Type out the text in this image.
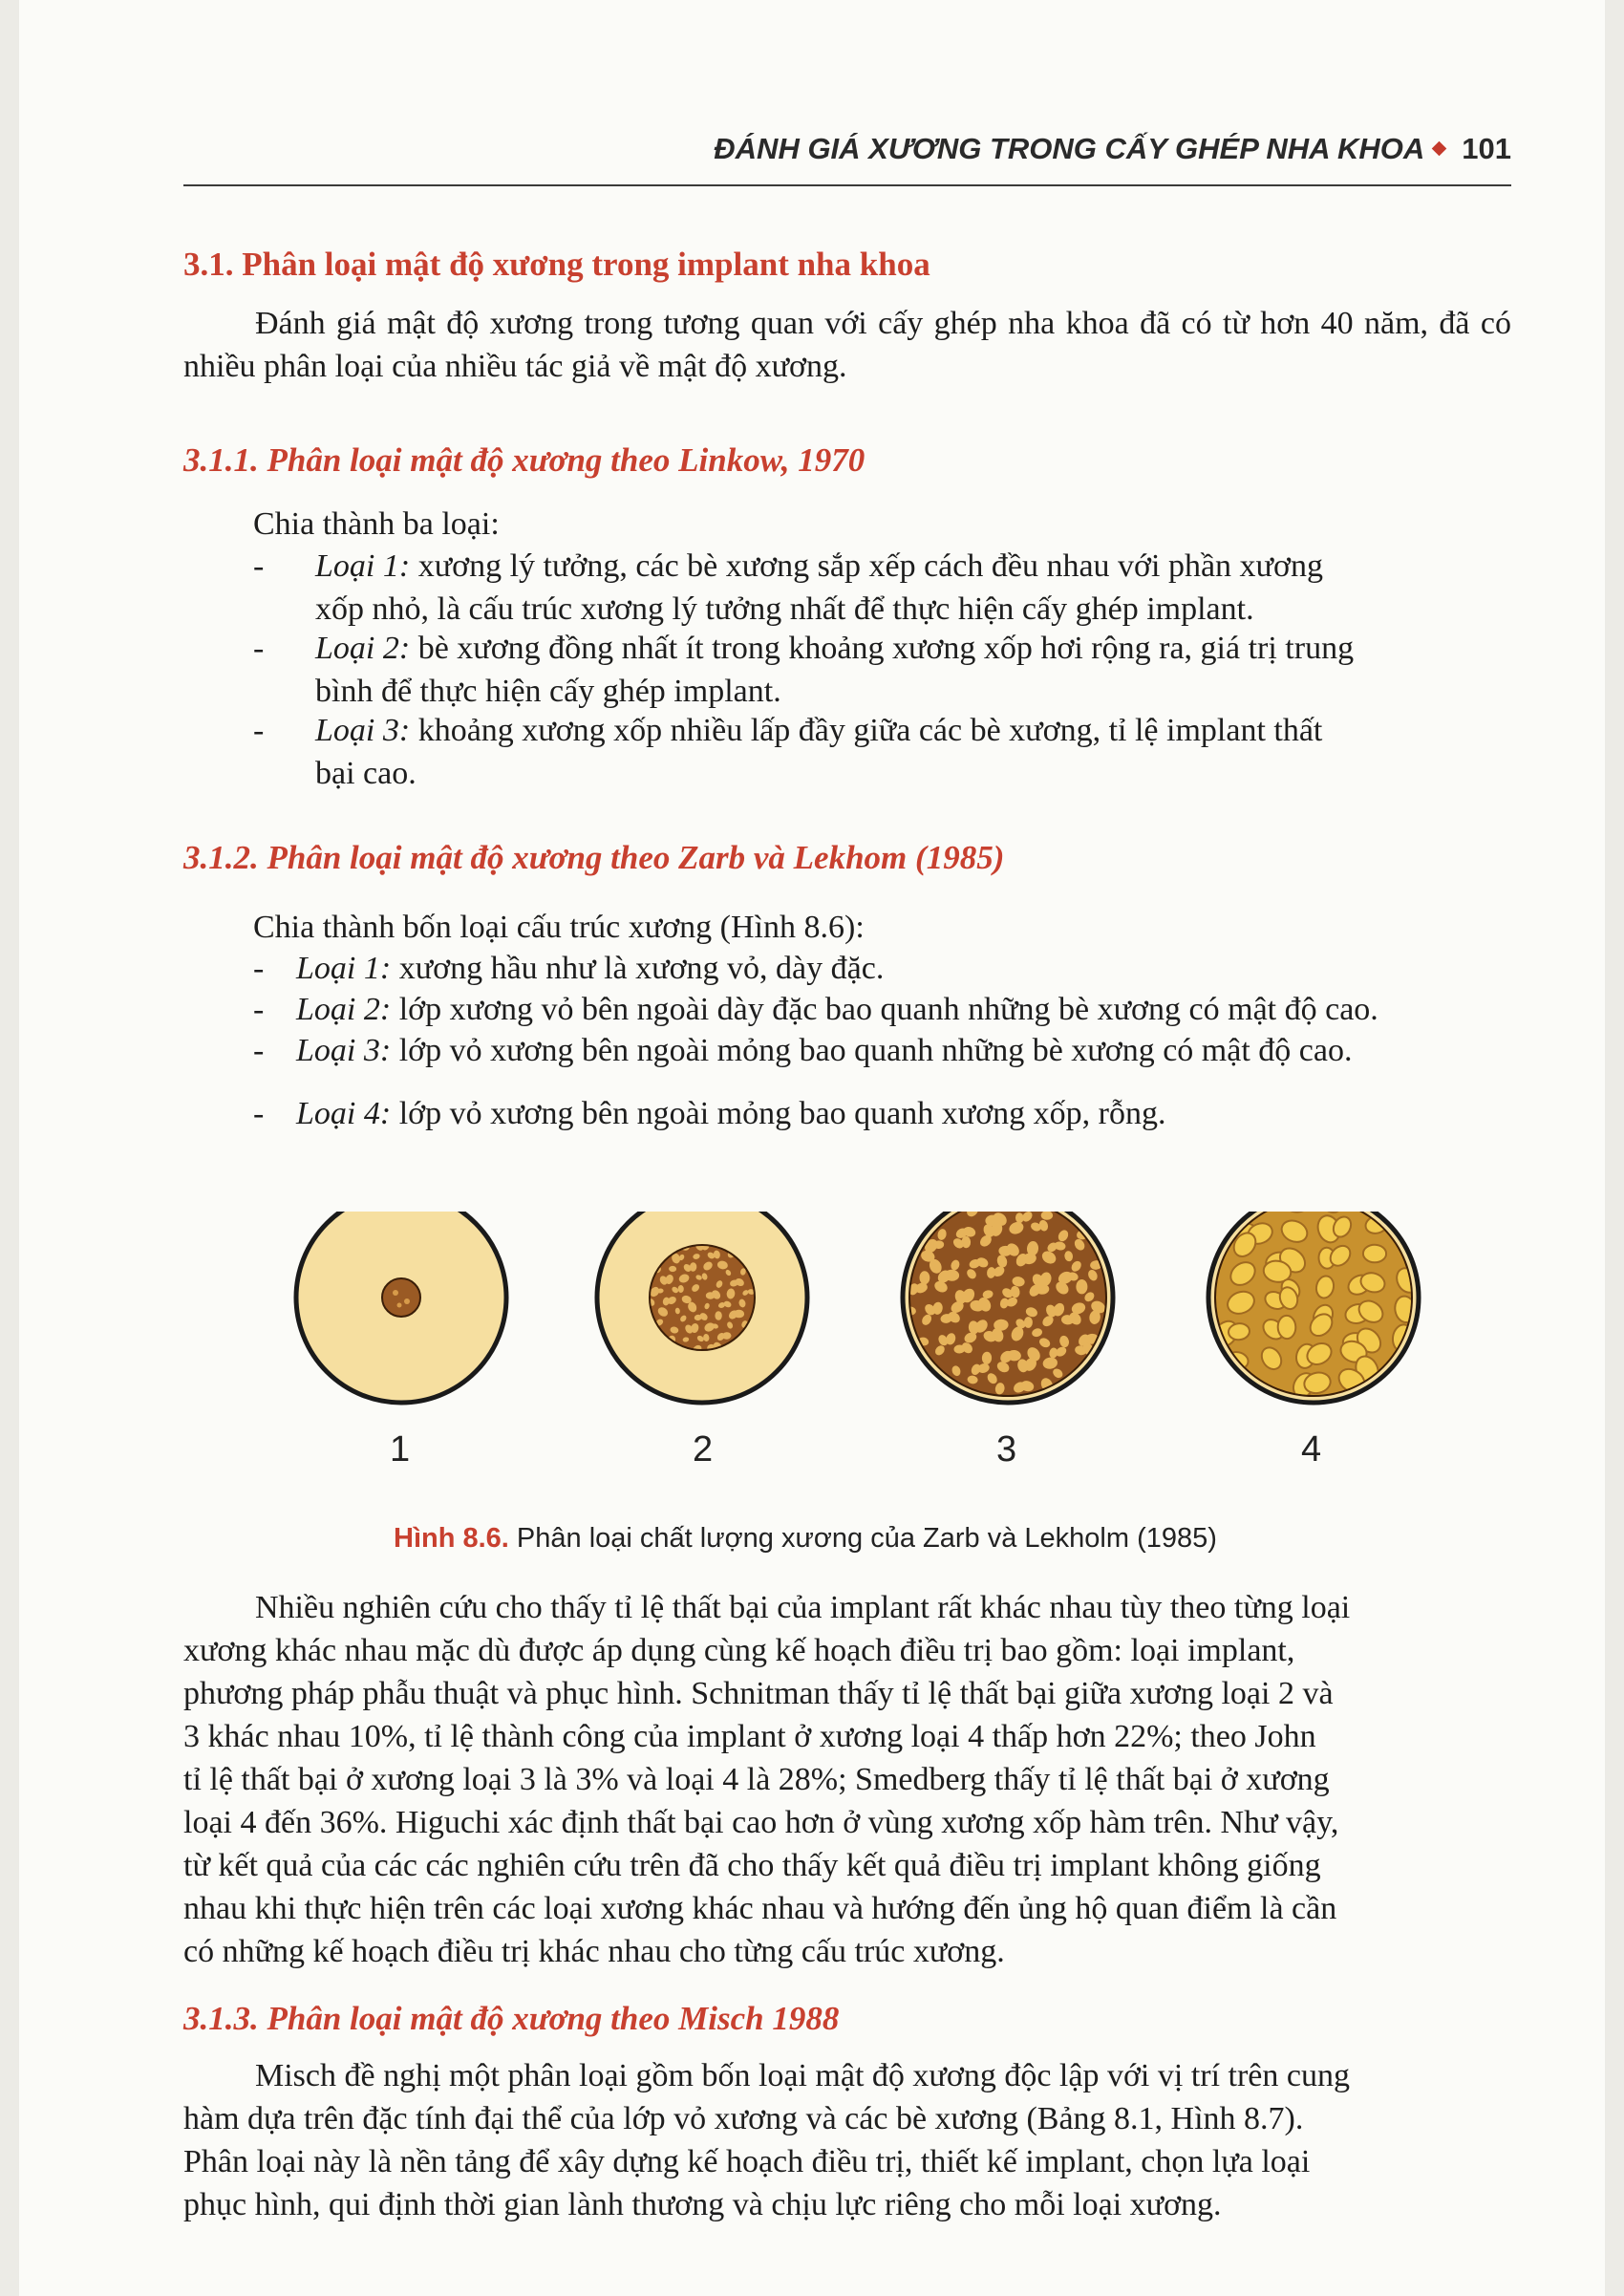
ĐÁNH GIÁ XƯƠNG TRONG CẤY GHÉP NHA KHOA 101
3.1. Phân loại mật độ xương trong implant nha khoa
Đánh giá mật độ xương trong tương quan với cấy ghép nha khoa đã có từ hơn 40 năm, đã có nhiều phân loại của nhiều tác giả về mật độ xương.
3.1.1. Phân loại mật độ xương theo Linkow, 1970
Chia thành ba loại:
- Loại 1: xương lý tưởng, các bè xương sắp xếp cách đều nhau với phần xương
xốp nhỏ, là cấu trúc xương lý tưởng nhất để thực hiện cấy ghép implant.
- Loại 2: bè xương đồng nhất ít trong khoảng xương xốp hơi rộng ra, giá trị trung
bình để thực hiện cấy ghép implant.
- Loại 3: khoảng xương xốp nhiều lấp đầy giữa các bè xương, tỉ lệ implant thất
bại cao.
3.1.2. Phân loại mật độ xương theo Zarb và Lekhom (1985)
Chia thành bốn loại cấu trúc xương (Hình 8.6):
- Loại 1: xương hầu như là xương vỏ, dày đặc.
- Loại 2: lớp xương vỏ bên ngoài dày đặc bao quanh những bè xương có mật độ cao.
- Loại 3: lớp vỏ xương bên ngoài mỏng bao quanh những bè xương có mật độ cao.
- Loại 4: lớp vỏ xương bên ngoài mỏng bao quanh xương xốp, rỗng.
1	2	3	4
Hình 8.6. Phân loại chất lượng xương của Zarb và Lekholm (1985)
Nhiều nghiên cứu cho thấy tỉ lệ thất bại của implant rất khác nhau tùy theo từng loại
xương khác nhau mặc dù được áp dụng cùng kế hoạch điều trị bao gồm: loại implant,
phương pháp phẫu thuật và phục hình. Schnitman thấy tỉ lệ thất bại giữa xương loại 2 và
3 khác nhau 10%, tỉ lệ thành công của implant ở xương loại 4 thấp hơn 22%; theo John
tỉ lệ thất bại ở xương loại 3 là 3% và loại 4 là 28%; Smedberg thấy tỉ lệ thất bại ở xương
loại 4 đến 36%. Higuchi xác định thất bại cao hơn ở vùng xương xốp hàm trên. Như vậy,
từ kết quả của các các nghiên cứu trên đã cho thấy kết quả điều trị implant không giống
nhau khi thực hiện trên các loại xương khác nhau và hướng đến ủng hộ quan điểm là cần
có những kế hoạch điều trị khác nhau cho từng cấu trúc xương.
3.1.3. Phân loại mật độ xương theo Misch 1988
Misch đề nghị một phân loại gồm bốn loại mật độ xương độc lập với vị trí trên cung
hàm dựa trên đặc tính đại thể của lớp vỏ xương và các bè xương (Bảng 8.1, Hình 8.7).
Phân loại này là nền tảng để xây dựng kế hoạch điều trị, thiết kế implant, chọn lựa loại
phục hình, qui định thời gian lành thương và chịu lực riêng cho mỗi loại xương.
